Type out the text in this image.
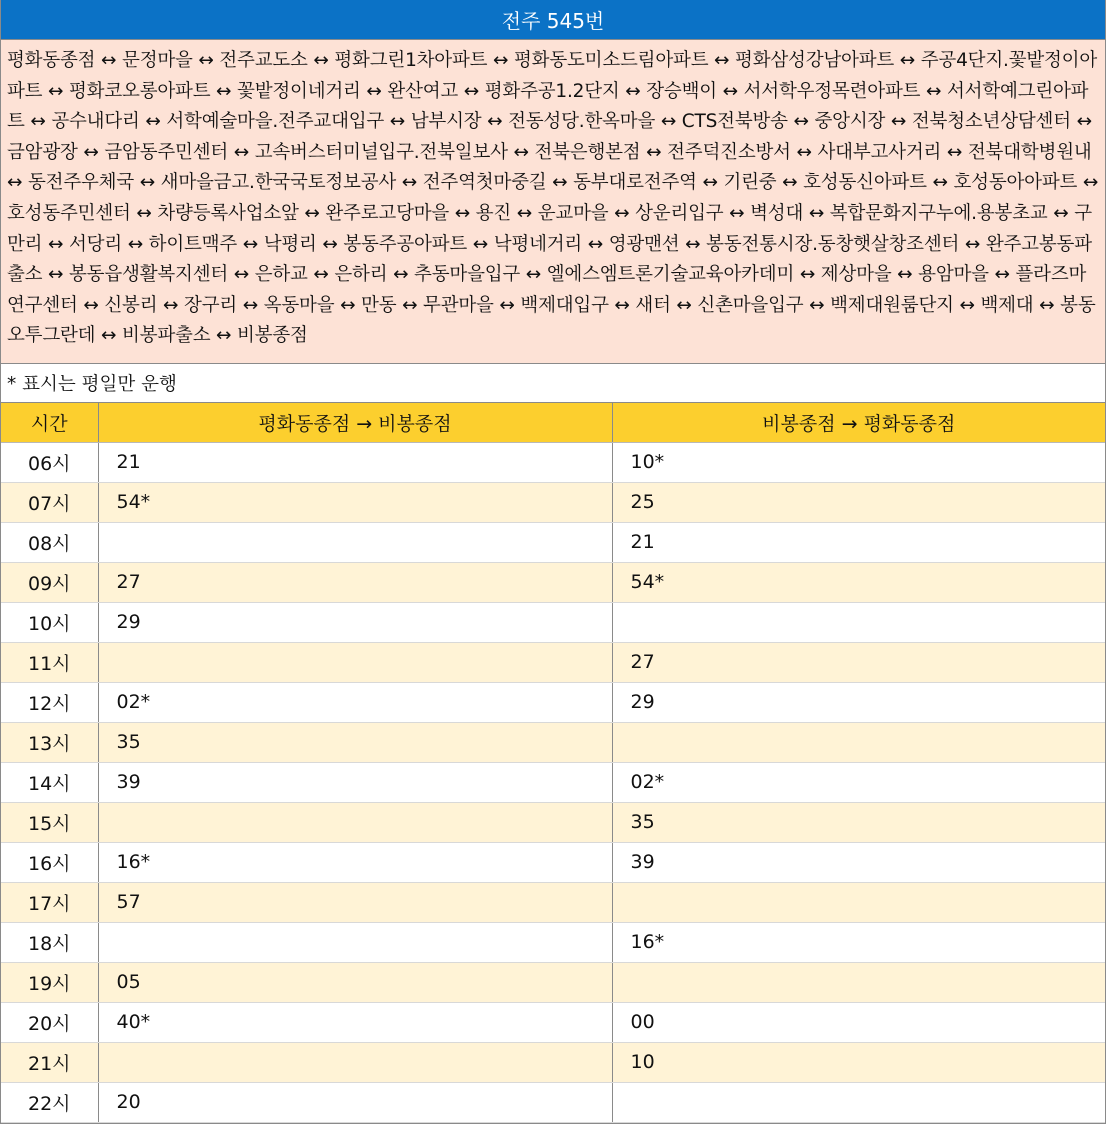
전주 545번
평화동종점 ↔ 문정마을 ↔ 전주교도소 ↔ 평화그린1차아파트 ↔ 평화동도미소드림아파트 ↔ 평화삼성강남아파트 ↔ 주공4단지.꽃밭정이아파트 ↔ 평화코오롱아파트 ↔ 꽃밭정이네거리 ↔ 완산여고 ↔ 평화주공1.2단지 ↔ 장승백이 ↔ 서서학우정목련아파트 ↔ 서서학예그린아파트 ↔ 공수내다리 ↔ 서학예술마을.전주교대입구 ↔ 남부시장 ↔ 전동성당.한옥마을 ↔ CTS전북방송 ↔ 중앙시장 ↔ 전북청소년상담센터 ↔ 금암광장 ↔ 금암동주민센터 ↔ 고속버스터미널입구.전북일보사 ↔ 전북은행본점 ↔ 전주덕진소방서 ↔ 사대부고사거리 ↔ 전북대학병원내 ↔ 동전주우체국 ↔ 새마을금고.한국국토정보공사 ↔ 전주역첫마중길 ↔ 동부대로전주역 ↔ 기린중 ↔ 호성동신아파트 ↔ 호성동아아파트 ↔ 호성동주민센터 ↔ 차량등록사업소앞 ↔ 완주로고당마을 ↔ 용진 ↔ 운교마을 ↔ 상운리입구 ↔ 벽성대 ↔ 복합문화지구누에.용봉초교 ↔ 구만리 ↔ 서당리 ↔ 하이트맥주 ↔ 낙평리 ↔ 봉동주공아파트 ↔ 낙평네거리 ↔ 영광맨션 ↔ 봉동전통시장.동창햇살창조센터 ↔ 완주고봉동파출소 ↔ 봉동읍생활복지센터 ↔ 은하교 ↔ 은하리 ↔ 추동마을입구 ↔ 엘에스엠트론기술교육아카데미 ↔ 제상마을 ↔ 용암마을 ↔ 플라즈마연구센터 ↔ 신봉리 ↔ 장구리 ↔ 옥동마을 ↔ 만동 ↔ 무관마을 ↔ 백제대입구 ↔ 새터 ↔ 신촌마을입구 ↔ 백제대원룸단지 ↔ 백제대 ↔ 봉동오투그란데 ↔ 비봉파출소 ↔ 비봉종점
* 표시는 평일만 운행
시간	평화동종점 → 비봉종점	비봉종점 → 평화동종점
06시	21	10*
07시	54*	25
08시		21
09시	27	54*
10시	29	
11시		27
12시	02*	29
13시	35	
14시	39	02*
15시		35
16시	16*	39
17시	57	
18시		16*
19시	05	
20시	40*	00
21시		10
22시	20	
